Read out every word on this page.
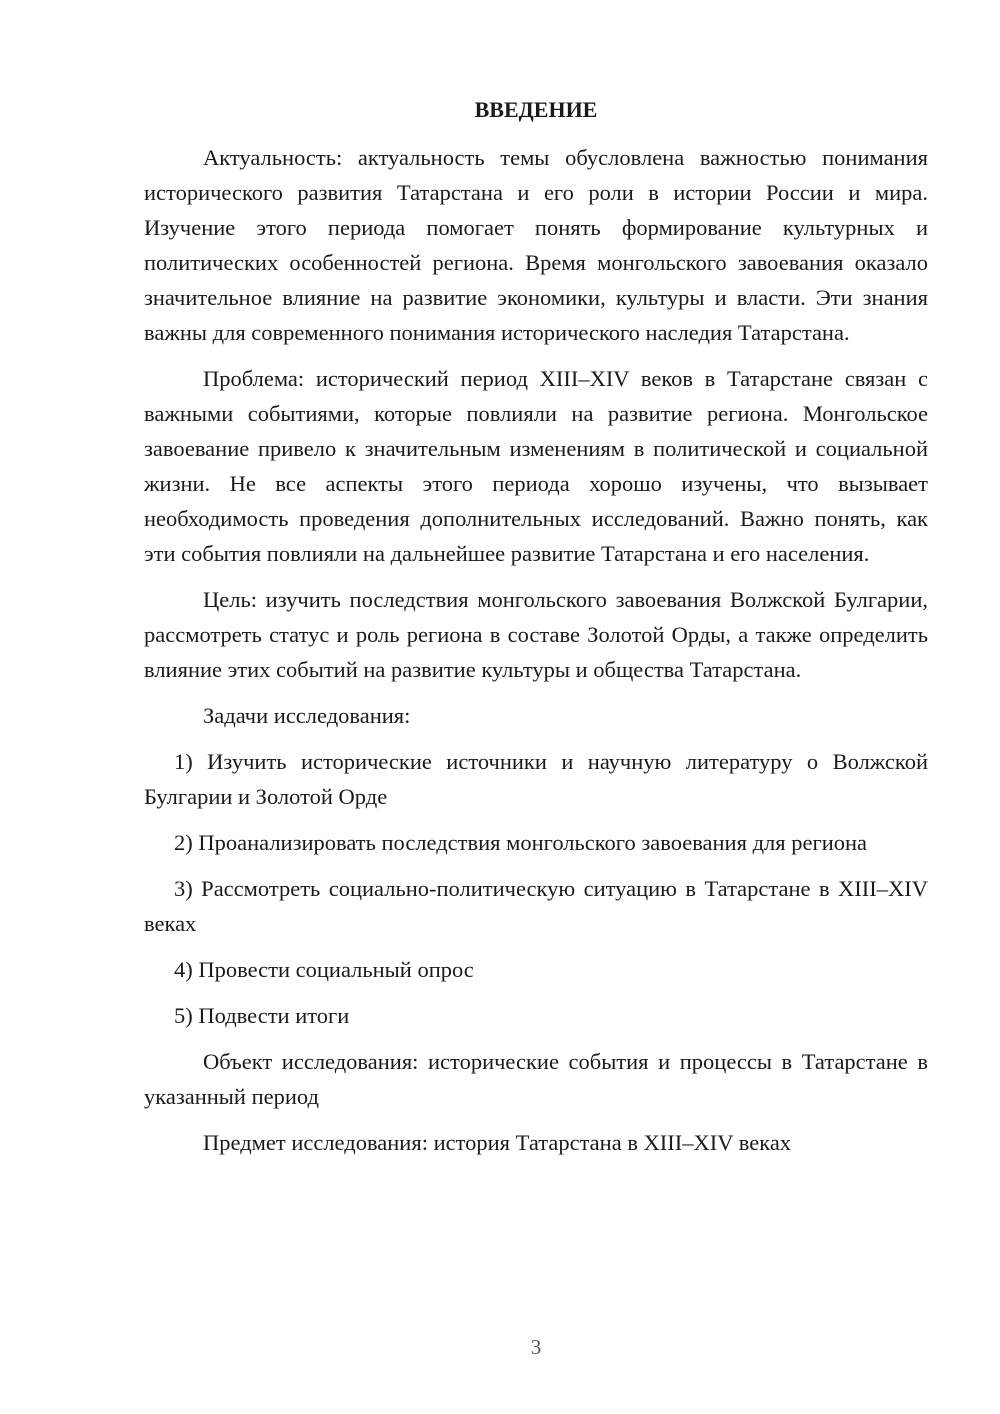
ВВЕДЕНИЕ

Актуальность: актуальность темы обусловлена важностью понимания исторического развития Татарстана и его роли в истории России и мира. Изучение этого периода помогает понять формирование культурных и политических особенностей региона. Время монгольского завоевания оказало значительное влияние на развитие экономики, культуры и власти. Эти знания важны для современного понимания исторического наследия Татарстана.

Проблема: исторический период XIII–XIV веков в Татарстане связан с важными событиями, которые повлияли на развитие региона. Монгольское завоевание привело к значительным изменениям в политической и социальной жизни. Не все аспекты этого периода хорошо изучены, что вызывает необходимость проведения дополнительных исследований. Важно понять, как эти события повлияли на дальнейшее развитие Татарстана и его населения.

Цель: изучить последствия монгольского завоевания Волжской Булгарии, рассмотреть статус и роль региона в составе Золотой Орды, а также определить влияние этих событий на развитие культуры и общества Татарстана.

Задачи исследования:

1) Изучить исторические источники и научную литературу о Волжской Булгарии и Золотой Орде

2) Проанализировать последствия монгольского завоевания для региона

3) Рассмотреть социально-политическую ситуацию в Татарстане в XIII–XIV веках

4) Провести социальный опрос

5) Подвести итоги

Объект исследования: исторические события и процессы в Татарстане в указанный период

Предмет исследования: история Татарстана в XIII–XIV веках

3
